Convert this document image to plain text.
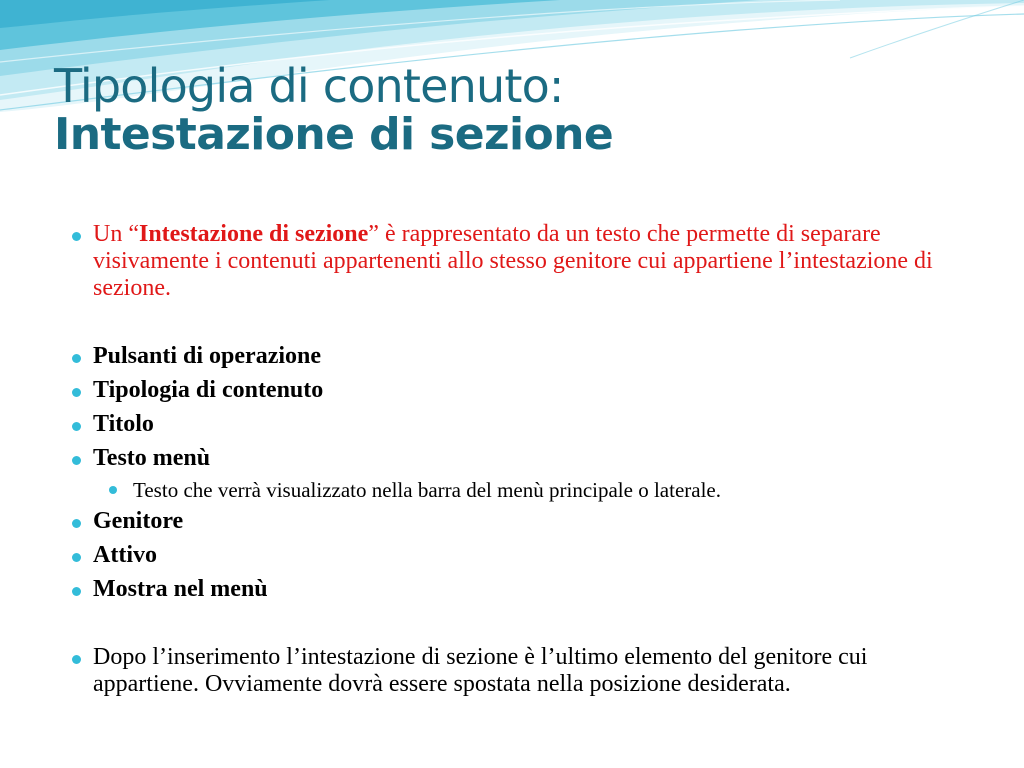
Tipologia di contenuto:
Intestazione di sezione
Un “Intestazione di sezione” è rappresentato da un testo che permette di separare visivamente i contenuti appartenenti allo stesso genitore cui appartiene l’intestazione di sezione.
Pulsanti di operazione
Tipologia di contenuto
Titolo
Testo menù
Testo che verrà visualizzato nella barra del menù principale o laterale.
Genitore
Attivo
Mostra nel menù
Dopo l’inserimento l’intestazione di sezione è l’ultimo elemento del genitore cui appartiene. Ovviamente dovrà essere spostata nella posizione desiderata.
